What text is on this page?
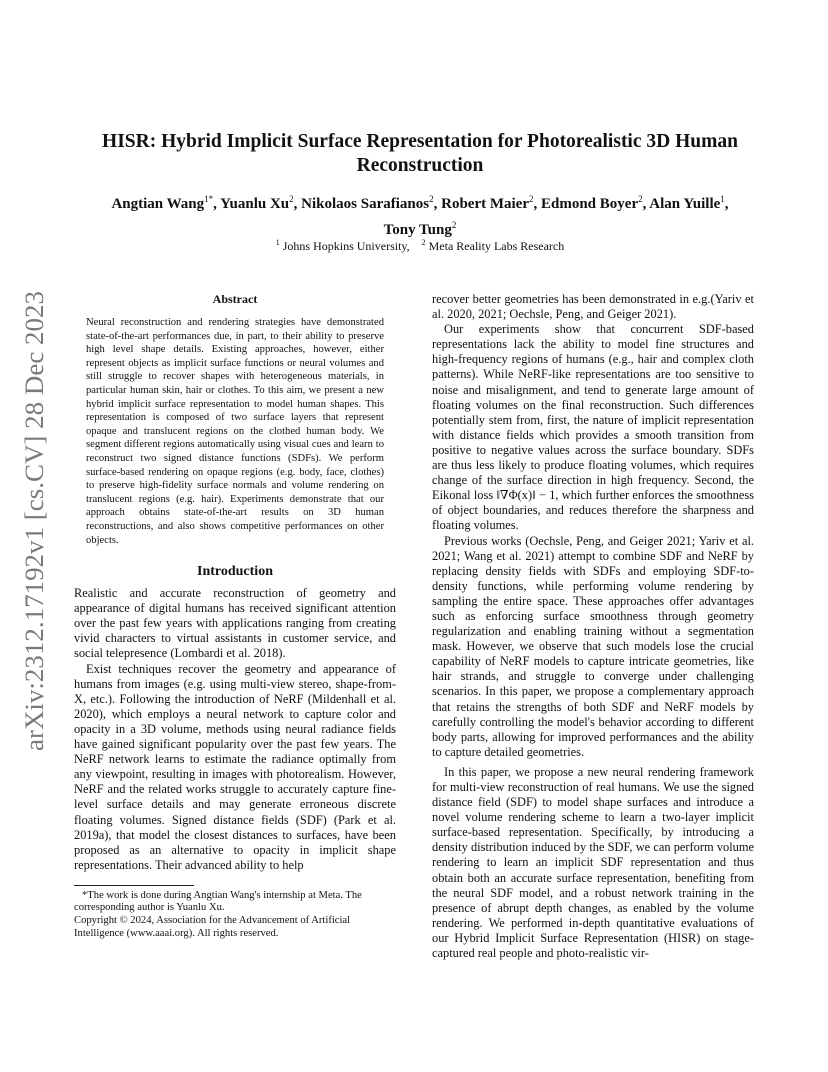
arXiv:2312.17192v1 [cs.CV] 28 Dec 2023
HISR: Hybrid Implicit Surface Representation for Photorealistic 3D Human
Reconstruction
Angtian Wang$^{1*}$, Yuanlu Xu$^2$, Nikolaos Sarafianos$^2$, Robert Maier$^2$, Edmond Boyer$^2$, Alan Yuille$^1$,
Tony Tung$^2$
$^1$ Johns Hopkins University, $^2$ Meta Reality Labs Research
Abstract

Neural reconstruction and rendering strategies have demonstrated state-of-the-art performances due, in part, to their ability to preserve high level shape details. Existing approaches, however, either represent objects as implicit surface functions or neural volumes and still struggle to recover shapes with heterogeneous materials, in particular human skin, hair or clothes. To this aim, we present a new hybrid implicit surface representation to model human shapes. This representation is composed of two surface layers that represent opaque and translucent regions on the clothed human body. We segment different regions automatically using visual cues and learn to reconstruct two signed distance functions (SDFs). We perform surface-based rendering on opaque regions (e.g. body, face, clothes) to preserve high-fidelity surface normals and volume rendering on translucent regions (e.g. hair). Experiments demonstrate that our approach obtains state-of-the-art results on 3D human reconstructions, and also shows competitive performances on other objects.

Introduction

Realistic and accurate reconstruction of geometry and appearance of digital humans has received significant attention over the past few years with applications ranging from creating vivid characters to virtual assistants in customer service, and social telepresence (Lombardi et al. 2018).

Exist techniques recover the geometry and appearance of humans from images (e.g. using multi-view stereo, shape-from-X, etc.). Following the introduction of NeRF (Mildenhall et al. 2020), which employs a neural network to capture color and opacity in a 3D volume, methods using neural radiance fields have gained significant popularity over the past few years. The NeRF network learns to estimate the radiance optimally from any viewpoint, resulting in images with photorealism. However, NeRF and the related works struggle to accurately capture fine-level surface details and may generate erroneous discrete floating volumes. Signed distance fields (SDF) (Park et al. 2019a), that model the closest distances to surfaces, have been proposed as an alternative to opacity in implicit shape representations. Their advanced ability to help

*The work is done during Angtian Wang's internship at Meta. The corresponding author is Yuanlu Xu.

Copyright © 2024, Association for the Advancement of Artificial Intelligence (www.aaai.org). All rights reserved.

recover better geometries has been demonstrated in e.g.(Yariv et al. 2020, 2021; Oechsle, Peng, and Geiger 2021).

Our experiments show that concurrent SDF-based representations lack the ability to model fine structures and high-frequency regions of humans (e.g., hair and complex cloth patterns). While NeRF-like representations are too sensitive to noise and misalignment, and tend to generate large amount of floating volumes on the final reconstruction. Such differences potentially stem from, first, the nature of implicit representation with distance fields which provides a smooth transition from positive to negative values across the surface boundary. SDFs are thus less likely to produce floating volumes, which requires change of the surface direction in high frequency. Second, the Eikonal loss ‖∇Φ(x)‖ − 1, which further enforces the smoothness of object boundaries, and reduces therefore the sharpness and floating volumes.

Previous works (Oechsle, Peng, and Geiger 2021; Yariv et al. 2021; Wang et al. 2021) attempt to combine SDF and NeRF by replacing density fields with SDFs and employing SDF-to-density functions, while performing volume rendering by sampling the entire space. These approaches offer advantages such as enforcing surface smoothness through geometry regularization and enabling training without a segmentation mask. However, we observe that such models lose the crucial capability of NeRF models to capture intricate geometries, like hair strands, and struggle to converge under challenging scenarios. In this paper, we propose a complementary approach that retains the strengths of both SDF and NeRF models by carefully controlling the model's behavior according to different body parts, allowing for improved performances and the ability to capture detailed geometries.

In this paper, we propose a new neural rendering framework for multi-view reconstruction of real humans. We use the signed distance field (SDF) to model shape surfaces and introduce a novel volume rendering scheme to learn a two-layer implicit surface-based representation. Specifically, by introducing a density distribution induced by the SDF, we can perform volume rendering to learn an implicit SDF representation and thus obtain both an accurate surface representation, benefiting from the neural SDF model, and a robust network training in the presence of abrupt depth changes, as enabled by the volume rendering. We performed in-depth quantitative evaluations of our Hybrid Implicit Surface Representation (HISR) on stage-captured real people and photo-realistic vir-
